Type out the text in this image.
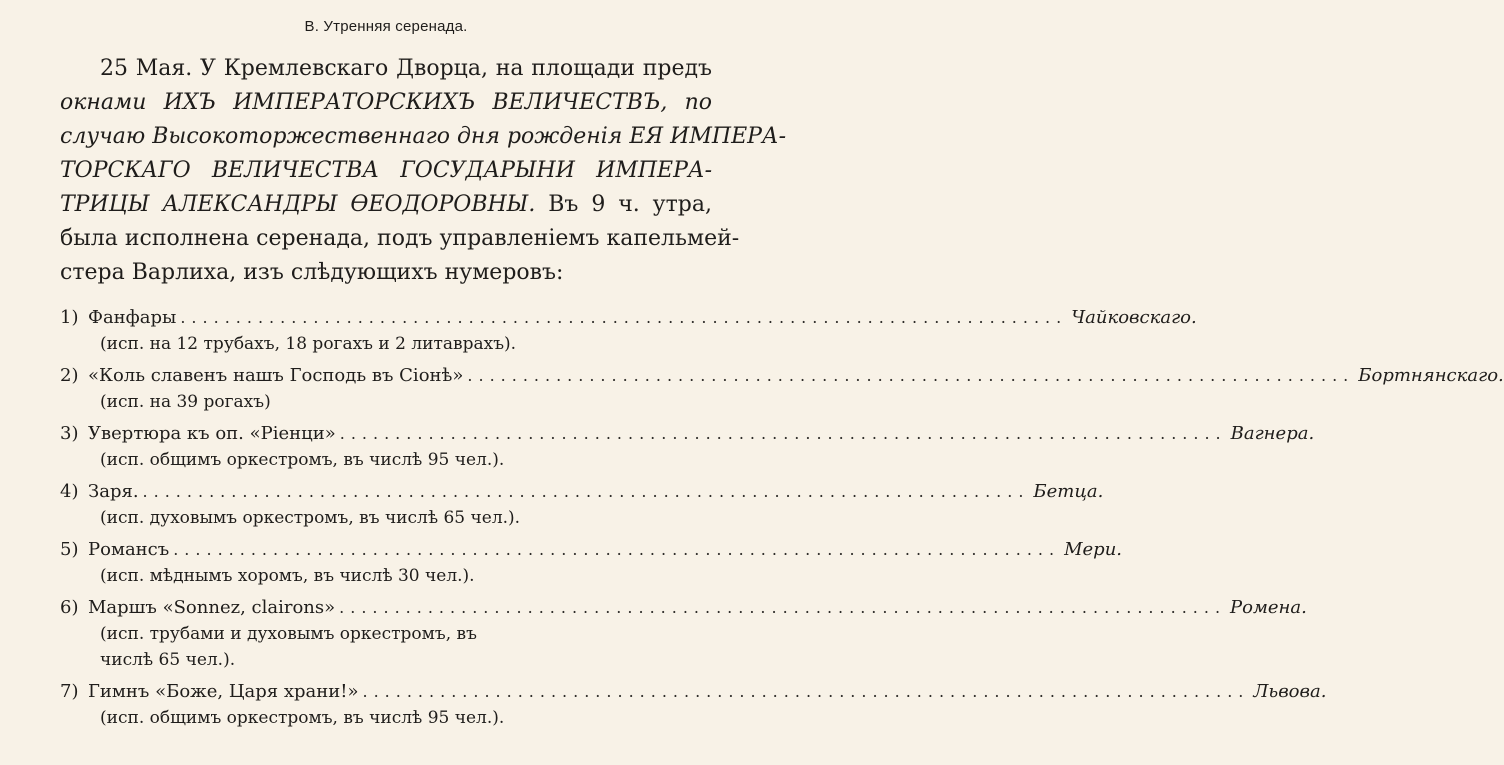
В. Утренняя серенада.
25 Мая. У Кремлевскаго Дворца, на площади предъ
окнами ИХЪ ИМПЕРАТОРСКИХЪ ВЕЛИЧЕСТВЪ, по
случаю Высокоторжественнаго дня рожденія ЕЯ ИМПЕРА-
ТОРСКАГО ВЕЛИЧЕСТВА ГОСУДАРЫНИ ИМПЕРА-
ТРИЦЫ АЛЕКСАНДРЫ ѲЕОДОРОВНЫ. Въ 9 ч. утра,
была исполнена серенада, подъ управленіемъ капельмей-
стера Варлиха, изъ слѣдующихъ нумеровъ:
1) Фанфары ................................................................................ Чайковскаго.
(исп. на 12 трубахъ, 18 рогахъ и 2 литаврахъ).
2) «Коль славенъ нашъ Господь въ Сіонѣ» ................................................................................ Бортнянскаго.
(исп. на 39 рогахъ)
3) Увертюра къ оп. «Ріенци» ................................................................................ Вагнера.
(исп. общимъ оркестромъ, въ числѣ 95 чел.).
4) Заря. ................................................................................ Бетца.
(исп. духовымъ оркестромъ, въ числѣ 65 чел.).
5) Романсъ ................................................................................ Мери.
(исп. мѣднымъ хоромъ, въ числѣ 30 чел.).
6) Маршъ «Sonnez, clairons» ................................................................................ Ромена.
(исп. трубами и духовымъ оркестромъ, въ
числѣ 65 чел.).
7) Гимнъ «Боже, Царя храни!» ................................................................................ Львова.
(исп. общимъ оркестромъ, въ числѣ 95 чел.).
